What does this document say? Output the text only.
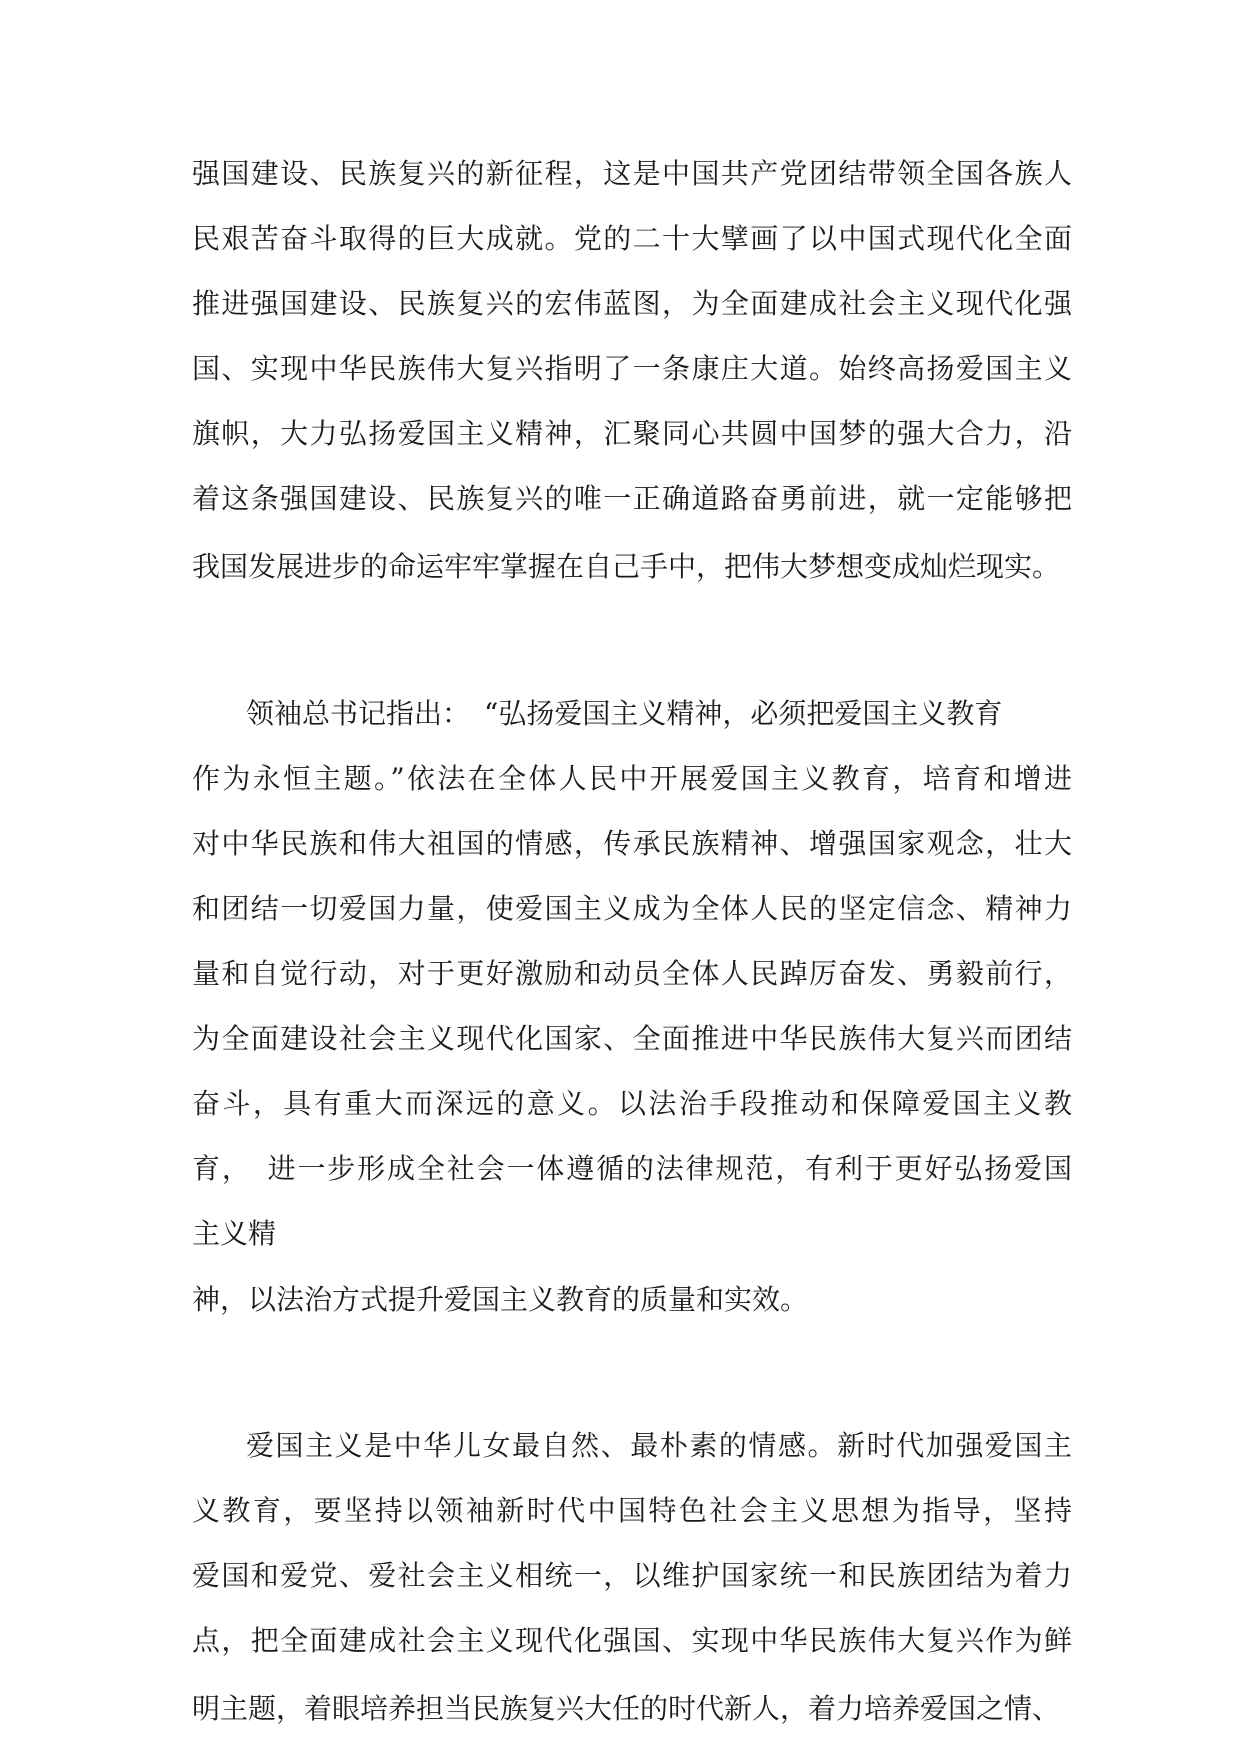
强国建设、民族复兴的新征程，这是中国共产党团结带领全国各族人
民艰苦奋斗取得的巨大成就。党的二十大擘画了以中国式现代化全面
推进强国建设、民族复兴的宏伟蓝图，为全面建成社会主义现代化强
国、实现中华民族伟大复兴指明了一条康庄大道。始终高扬爱国主义
旗帜，大力弘扬爱国主义精神，汇聚同心共圆中国梦的强大合力，沿
着这条强国建设、民族复兴的唯一正确道路奋勇前进，就一定能够把
我国发展进步的命运牢牢掌握在自己手中，把伟大梦想变成灿烂现实。
领袖总书记指出：　“弘扬爱国主义精神，必须把爱国主义教育
作为永恒主题。”依法在全体人民中开展爱国主义教育，培育和增进
对中华民族和伟大祖国的情感，传承民族精神、增强国家观念，壮大
和团结一切爱国力量，使爱国主义成为全体人民的坚定信念、精神力
量和自觉行动，对于更好激励和动员全体人民踔厉奋发、勇毅前行，
为全面建设社会主义现代化国家、全面推进中华民族伟大复兴而团结
奋斗，具有重大而深远的意义。以法治手段推动和保障爱国主义教
育，　进一步形成全社会一体遵循的法律规范，有利于更好弘扬爱国
主义精
神，以法治方式提升爱国主义教育的质量和实效。
爱国主义是中华儿女最自然、最朴素的情感。新时代加强爱国主
义教育，要坚持以领袖新时代中国特色社会主义思想为指导，坚持
爱国和爱党、爱社会主义相统一，以维护国家统一和民族团结为着力
点，把全面建成社会主义现代化强国、实现中华民族伟大复兴作为鲜
明主题，着眼培养担当民族复兴大任的时代新人，着力培养爱国之情、
